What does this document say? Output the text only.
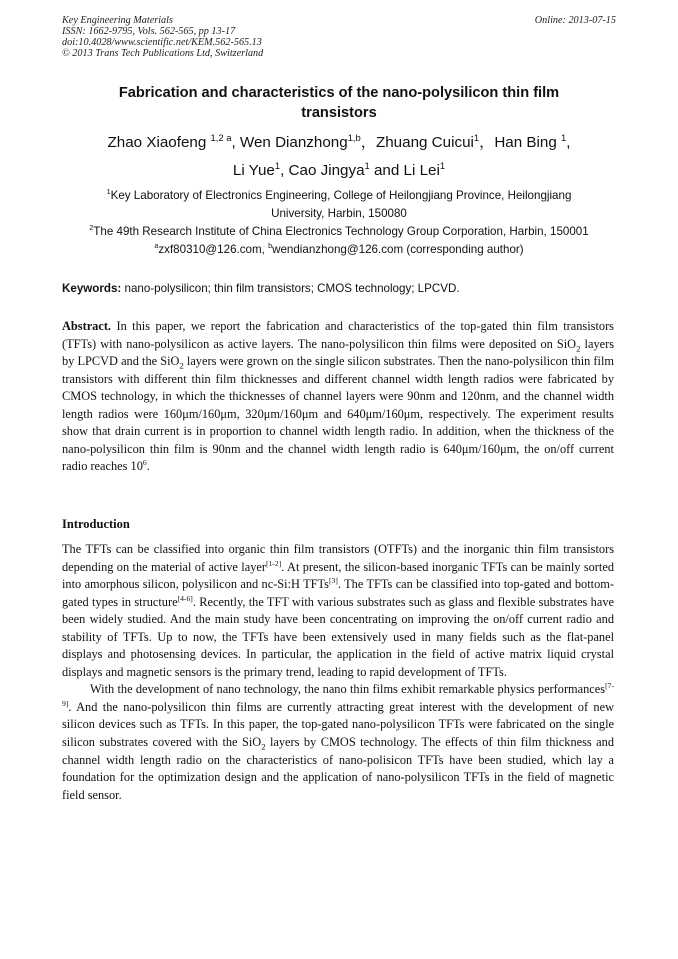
Key Engineering Materials
ISSN: 1662-9795, Vols. 562-565, pp 13-17
doi:10.4028/www.scientific.net/KEM.562-565.13
© 2013 Trans Tech Publications Ltd, Switzerland
Online: 2013-07-15
Fabrication and characteristics of the nano-polysilicon thin film
transistors
Zhao Xiaofeng $^{1,2 a}$, Wen Dianzhong$^{1,b}$，Zhuang Cuicui$^1$，Han Bing $^1$,
Li Yue$^1$, Cao Jingya$^1$ and Li Lei$^1$
$^1$Key Laboratory of Electronics Engineering, College of Heilongjiang Province, Heilongjiang
University, Harbin, 150080
$^2$The 49th Research Institute of China Electronics Technology Group Corporation, Harbin, 150001
$^a$zxf80310@126.com, $^b$wendianzhong@126.com (corresponding author)
Keywords: nano-polysilicon; thin film transistors; CMOS technology; LPCVD.
Abstract. In this paper, we report the fabrication and characteristics of the top-gated thin film transistors (TFTs) with nano-polysilicon as active layers. The nano-polysilicon thin films were deposited on SiO$_2$ layers by LPCVD and the SiO$_2$ layers were grown on the single silicon substrates. Then the nano-polysilicon thin film transistors with different thin film thicknesses and different channel width length radios were fabricated by CMOS technology, in which the thicknesses of channel layers were 90nm and 120nm, and the channel width length radios were 160μm/160μm, 320μm/160μm and 640μm/160μm, respectively. The experiment results show that drain current is in proportion to channel width length radio. In addition, when the thickness of the nano-polysilicon thin film is 90nm and the channel width length radio is 640μm/160μm, the on/off current radio reaches $10^6$.
Introduction

The TFTs can be classified into organic thin film transistors (OTFTs) and the inorganic thin film transistors depending on the material of active layer[1-2]. At present, the silicon-based inorganic TFTs can be mainly sorted into amorphous silicon, polysilicon and nc-Si:H TFTs[3]. The TFTs can be classified into top-gated and bottom-gated types in structure[4-6]. Recently, the TFT with various substrates such as glass and flexible substrates have been widely studied. And the main study have been concentrating on improving the on/off current radio and stability of TFTs. Up to now, the TFTs have been extensively used in many fields such as the flat-panel displays and photosensing devices. In particular, the application in the field of active matrix liquid crystal displays and magnetic sensors is the primary trend, leading to rapid development of TFTs.

With the development of nano technology, the nano thin films exhibit remarkable physics performances[7-9]. And the nano-polysilicon thin films are currently attracting great interest with the development of new silicon devices such as TFTs. In this paper, the top-gated nano-polysilicon TFTs were fabricated on the single silicon substrates covered with the SiO$_2$ layers by CMOS technology. The effects of thin film thickness and channel width length radio on the characteristics of nano-polisicon TFTs have been studied, which lay a foundation for the optimization design and the application of nano-polysilicon TFTs in the field of magnetic field sensor.
